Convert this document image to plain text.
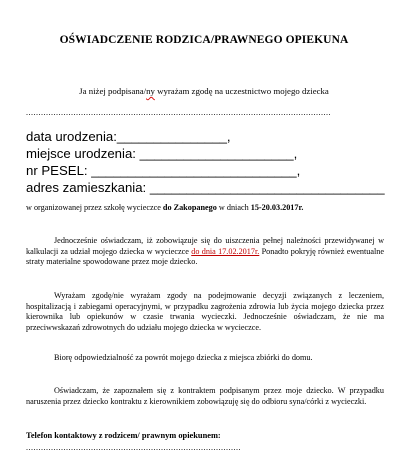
OŚWIADCZENIE RODZICA/PRAWNEGO OPIEKUNA
Ja niżej podpisana/ny wyrażam zgodę na uczestnictwo mojego dziecka
..........................................................................................................................
data urodzenia:_______________,
miejsce urodzenia: _____________________,
nr PESEL: ____________________________,
adres zamieszkania: ________________________________
w organizowanej przez szkołę wycieczce do Zakopanego w dniach 15-20.03.2017r.
Jednocześnie oświadczam, iż zobowiązuje się do uiszczenia pełnej należności przewidywanej w kalkulacji za udział mojego dziecka w wycieczce do dnia 17.02.2017r. Ponadto pokryję również ewentualne straty materialne spowodowane przez moje dziecko.
Wyrażam zgodę/nie wyrażam zgody na podejmowanie decyzji związanych z leczeniem, hospitalizacją i zabiegami operacyjnymi, w przypadku zagrożenia zdrowia lub życia mojego dziecka przez kierownika lub opiekunów w czasie trwania wycieczki. Jednocześnie oświadczam, że nie ma przeciwwskazań zdrowotnych do udziału mojego dziecka w wycieczce.
Biorę odpowiedzialność za powrót mojego dziecka z miejsca zbiórki do domu.
Oświadczam, że zapoznałem się z kontraktem podpisanym przez moje dziecko. W przypadku naruszenia przez dziecko kontraktu z kierownikiem zobowiązuję się do odbioru syna/córki z wycieczki.
Telefon kontaktowy z rodzicem/ prawnym opiekunem:
......................................................................................
